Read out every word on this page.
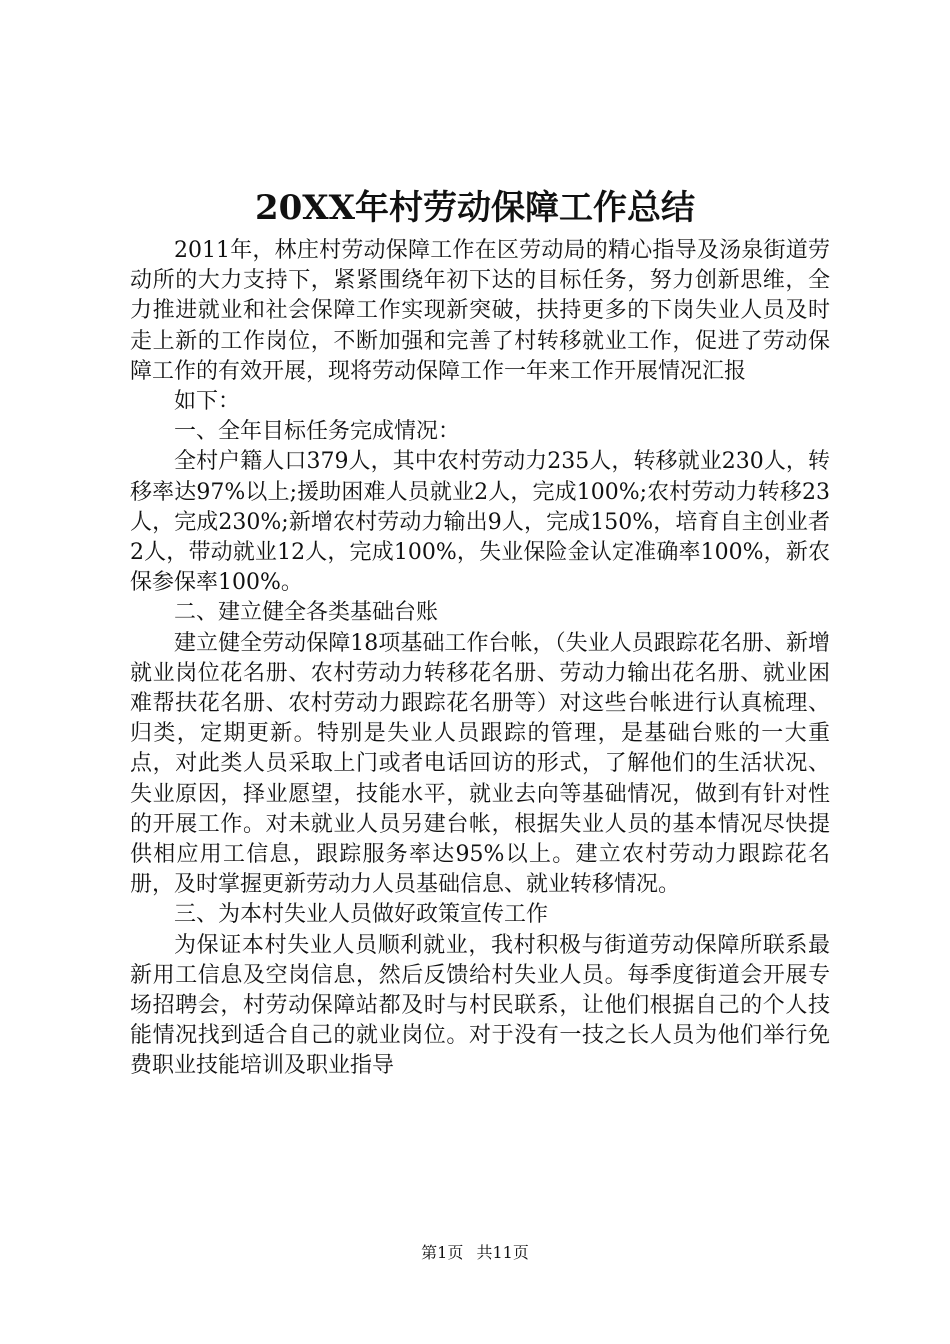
20XX年村劳动保障工作总结

2011年，林庄村劳动保障工作在区劳动局的精心指导及汤泉街道劳动所的大力支持下，紧紧围绕年初下达的目标任务，努力创新思维，全力推进就业和社会保障工作实现新突破，扶持更多的下岗失业人员及时走上新的工作岗位，不断加强和完善了村转移就业工作，促进了劳动保障工作的有效开展，现将劳动保障工作一年来工作开展情况汇报

如下：

一、全年目标任务完成情况：

全村户籍人口379人，其中农村劳动力235人，转移就业230人，转移率达97%以上;援助困难人员就业2人，完成100%;农村劳动力转移23人，完成230%;新增农村劳动力输出9人，完成150%，培育自主创业者2人，带动就业12人，完成100%，失业保险金认定准确率100%，新农保参保率100%。

二、建立健全各类基础台账

建立健全劳动保障18项基础工作台帐，（失业人员跟踪花名册、新增就业岗位花名册、农村劳动力转移花名册、劳动力输出花名册、就业困难帮扶花名册、农村劳动力跟踪花名册等）对这些台帐进行认真梳理、归类，定期更新。特别是失业人员跟踪的管理，是基础台账的一大重点，对此类人员采取上门或者电话回访的形式，了解他们的生活状况、失业原因，择业愿望，技能水平，就业去向等基础情况，做到有针对性的开展工作。对未就业人员另建台帐，根据失业人员的基本情况尽快提供相应用工信息，跟踪服务率达95%以上。建立农村劳动力跟踪花名册，及时掌握更新劳动力人员基础信息、就业转移情况。

三、为本村失业人员做好政策宣传工作

为保证本村失业人员顺利就业，我村积极与街道劳动保障所联系最新用工信息及空岗信息，然后反馈给村失业人员。每季度街道会开展专场招聘会，村劳动保障站都及时与村民联系，让他们根据自己的个人技能情况找到适合自己的就业岗位。对于没有一技之长人员为他们举行免费职业技能培训及职业指导

第1页 共11页
